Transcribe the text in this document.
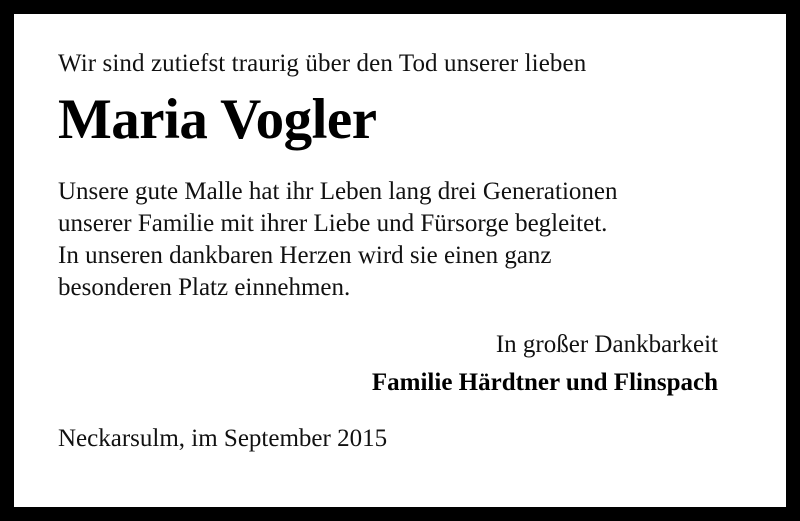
Wir sind zutiefst traurig über den Tod unserer lieben

Maria Vogler

Unsere gute Malle hat ihr Leben lang drei Generationen

unserer Familie mit ihrer Liebe und Fürsorge begleitet.

In unseren dankbaren Herzen wird sie einen ganz

besonderen Platz einnehmen.

In großer Dankbarkeit

Familie Härdtner und Flinspach

Neckarsulm, im September 2015
